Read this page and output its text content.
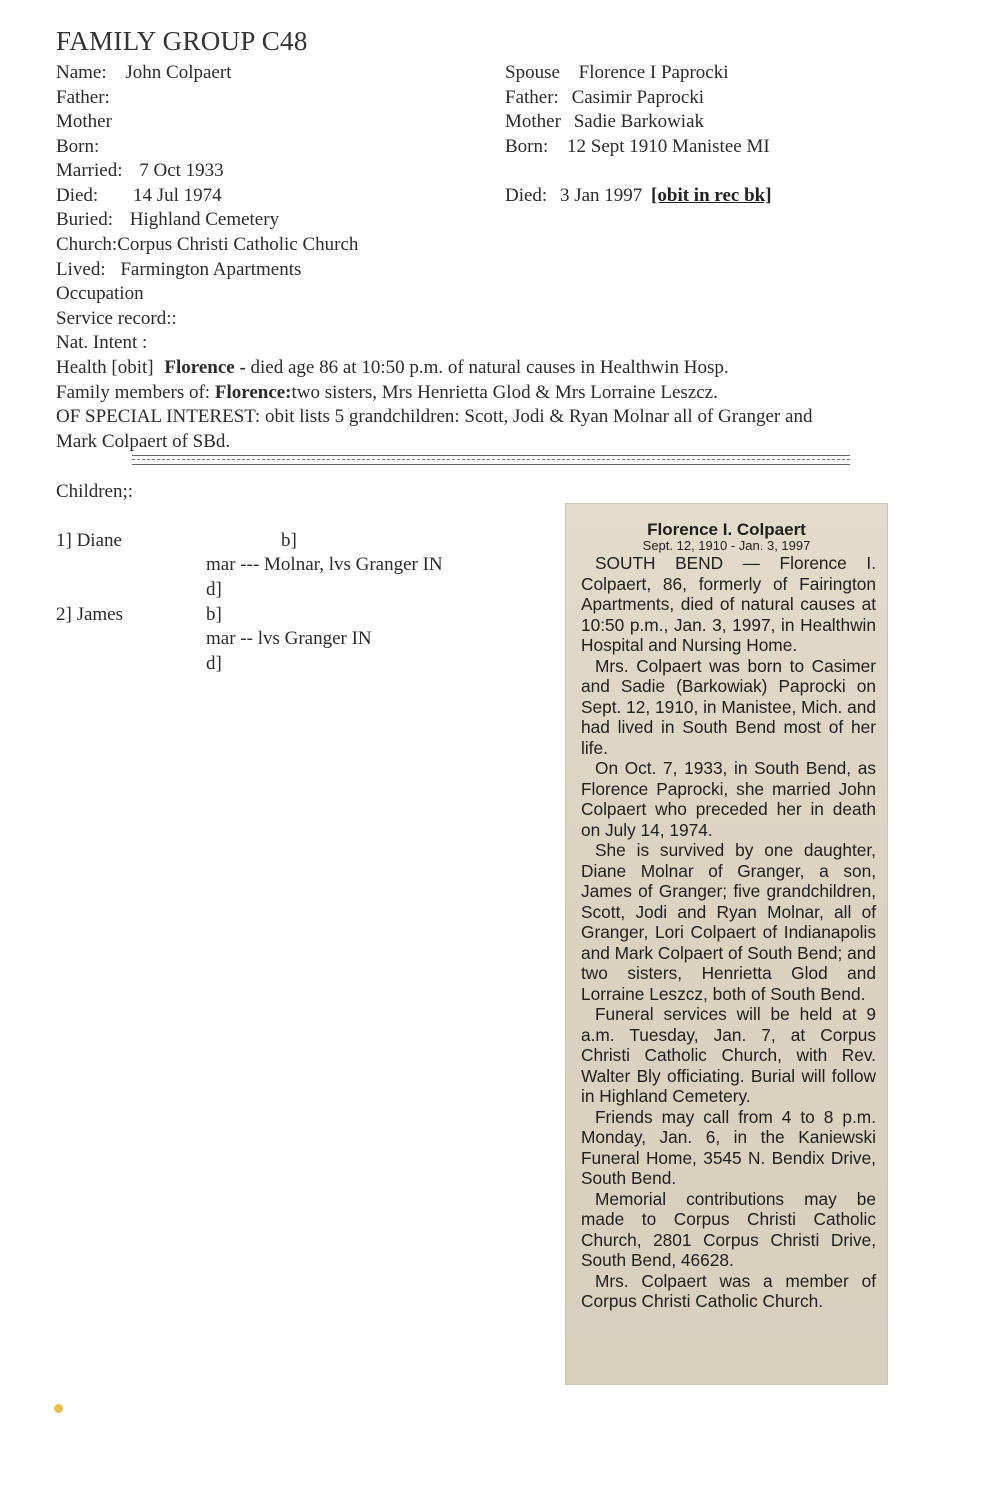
FAMILY GROUP C48
Name: John Colpaert
Father:
Mother
Born:
Married: 7 Oct 1933
Died: 14 Jul 1974
Buried: Highland Cemetery
Church:Corpus Christi Catholic Church
Lived: Farmington Apartments
Occupation
Service record::
Nat. Intent :
Spouse Florence I Paprocki
Father: Casimir Paprocki
Mother Sadie Barkowiak
Born: 12 Sept 1910 Manistee MI
Died: 3 Jan 1997 [obit in rec bk]
Health [obit] Florence - died age 86 at 10:50 p.m. of natural causes in Healthwin Hosp.
Family members of: Florence:two sisters, Mrs Henrietta Glod & Mrs Lorraine Leszcz.
OF SPECIAL INTEREST: obit lists 5 grandchildren: Scott, Jodi & Ryan Molnar all of Granger and
Mark Colpaert of SBd.
Children;:
1] Diane	b]
mar --- Molnar, lvs Granger IN
d]
2] James	b]
mar -- lvs Granger IN
d]
Florence I. Colpaert
Sept. 12, 1910 - Jan. 3, 1997

SOUTH BEND — Florence I. Colpaert, 86, formerly of Fairington Apartments, died of natural causes at 10:50 p.m., Jan. 3, 1997, in Healthwin Hospital and Nursing Home.

Mrs. Colpaert was born to Casimer and Sadie (Barkowiak) Paprocki on Sept. 12, 1910, in Manistee, Mich. and had lived in South Bend most of her life.

On Oct. 7, 1933, in South Bend, as Florence Paprocki, she married John Colpaert who preceded her in death on July 14, 1974.

She is survived by one daughter, Diane Molnar of Granger, a son, James of Granger; five grandchildren, Scott, Jodi and Ryan Molnar, all of Granger, Lori Colpaert of Indianapolis and Mark Colpaert of South Bend; and two sisters, Henrietta Glod and Lorraine Leszcz, both of South Bend.

Funeral services will be held at 9 a.m. Tuesday, Jan. 7, at Corpus Christi Catholic Church, with Rev. Walter Bly officiating. Burial will follow in Highland Cemetery.

Friends may call from 4 to 8 p.m. Monday, Jan. 6, in the Kaniewski Funeral Home, 3545 N. Bendix Drive, South Bend.

Memorial contributions may be made to Corpus Christi Catholic Church, 2801 Corpus Christi Drive, South Bend, 46628.

Mrs. Colpaert was a member of Corpus Christi Catholic Church.
